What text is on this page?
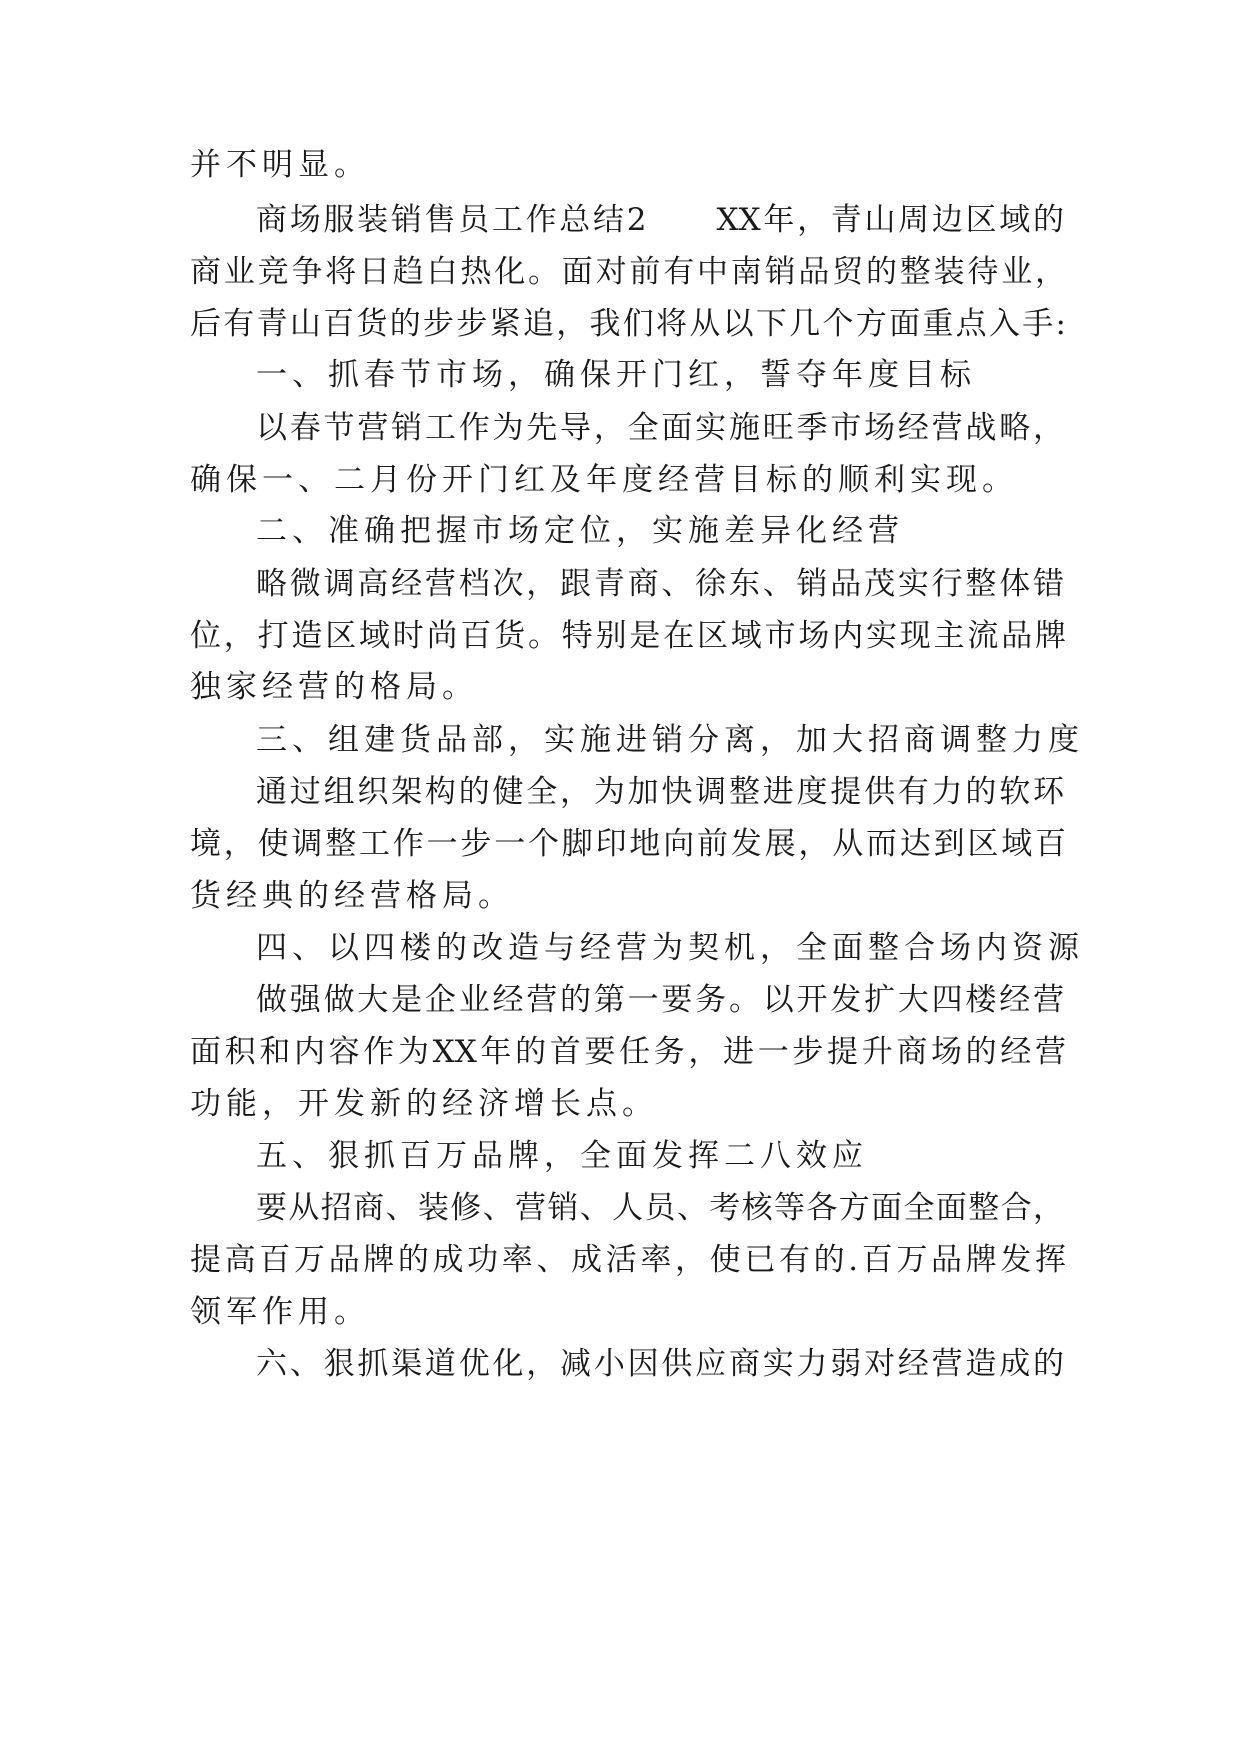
并不明显。
商场服装销售员工作总结2　　XX年，青山周边区域的
商业竞争将日趋白热化。面对前有中南销品贸的整装待业，
后有青山百货的步步紧追，我们将从以下几个方面重点入手:
一、抓春节市场，确保开门红，誓夺年度目标
以春节营销工作为先导，全面实施旺季市场经营战略，
确保一、二月份开门红及年度经营目标的顺利实现。
二、准确把握市场定位，实施差异化经营
略微调高经营档次，跟青商、徐东、销品茂实行整体错
位，打造区域时尚百货。特别是在区域市场内实现主流品牌
独家经营的格局。
三、组建货品部，实施进销分离，加大招商调整力度
通过组织架构的健全，为加快调整进度提供有力的软环
境，使调整工作一步一个脚印地向前发展，从而达到区域百
货经典的经营格局。
四、以四楼的改造与经营为契机，全面整合场内资源
做强做大是企业经营的第一要务。以开发扩大四楼经营
面积和内容作为XX年的首要任务，进一步提升商场的经营
功能，开发新的经济增长点。
五、狠抓百万品牌，全面发挥二八效应
要从招商、装修、营销、人员、考核等各方面全面整合，
提高百万品牌的成功率、成活率，使已有的.百万品牌发挥
领军作用。
六、狠抓渠道优化，减小因供应商实力弱对经营造成的
